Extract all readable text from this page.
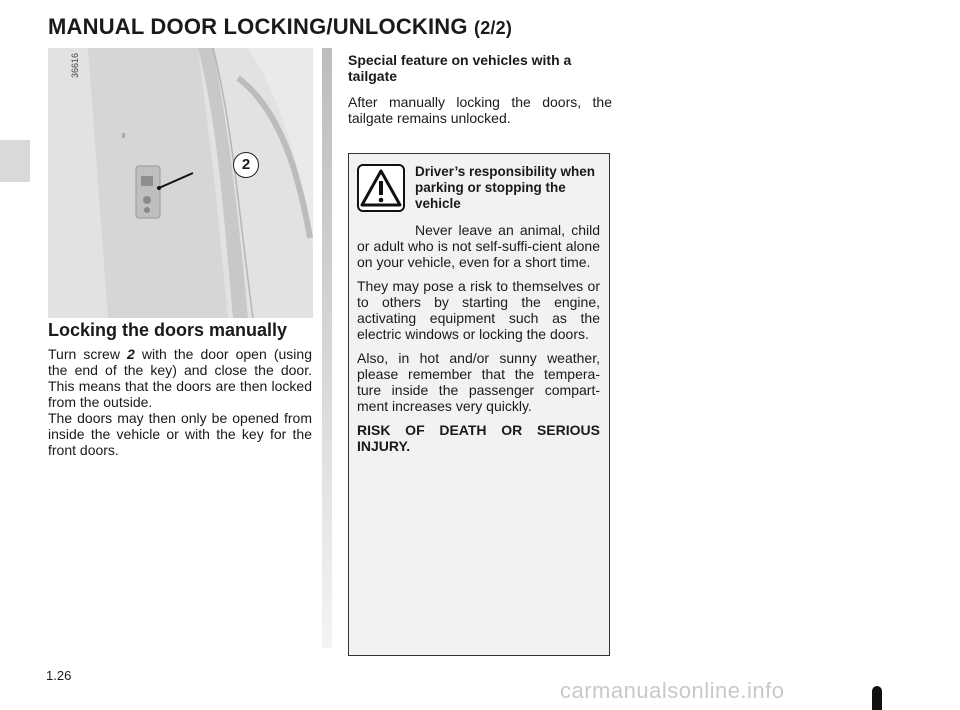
MANUAL DOOR LOCKING/UNLOCKING (2/2)
36616
2
Locking the doors manually

Turn screw 2 with the door open (using the end of the key) and close the door. This means that the doors are then locked from the outside.

The doors may then only be opened from inside the vehicle or with the key for the front doors.

Special feature on vehicles with a tailgate

After manually locking the doors, the tailgate remains unlocked.

Driver’s responsibility when parking or stopping the vehicle

Never leave an animal, child or adult who is not self-suffi-cient alone on your vehicle, even for a short time.

They may pose a risk to themselves or to others by starting the engine, activating equipment such as the electric windows or locking the doors.

Also, in hot and/or sunny weather, please remember that the tempera-ture inside the passenger compart-ment increases very quickly.

RISK OF DEATH OR SERIOUS INJURY.

1.26
carmanualsonline.info
